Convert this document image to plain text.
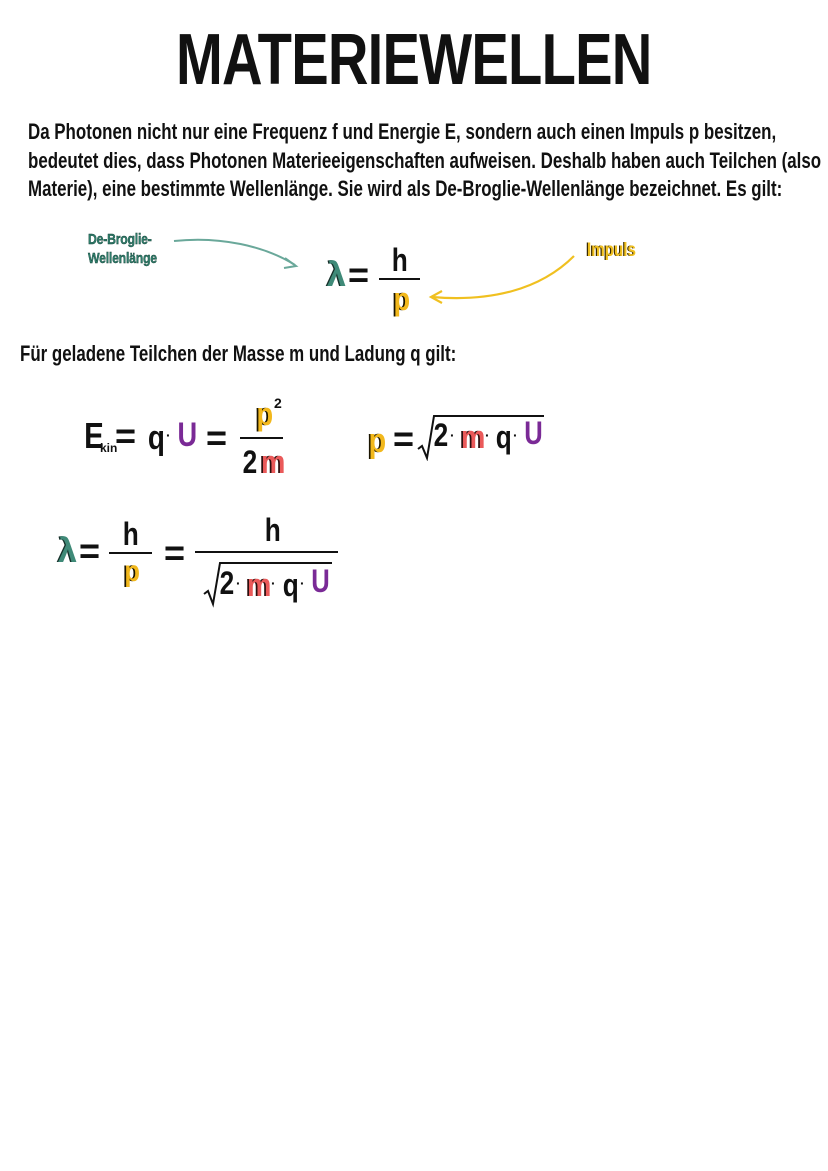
MATERIEWELLEN
Da Photonen nicht nur eine Frequenz f und Energie E, sondern auch einen Impuls p besitzen,
bedeutet dies, dass Photonen Materieeigenschaften aufweisen. Deshalb haben auch Teilchen (also
Materie), eine bestimmte Wellenlänge. Sie wird als De-Broglie-Wellenlänge bezeichnet. Es gilt:
De-Broglie-
Wellenlänge	Impuls
λ = h
p
Für geladene Teilchen der Masse m und Ladung q gilt:
E
kin
= q · U =
p 2
2 m
p = 2 · m · q · U
λ = h
p =
h
2 · m · q · U
